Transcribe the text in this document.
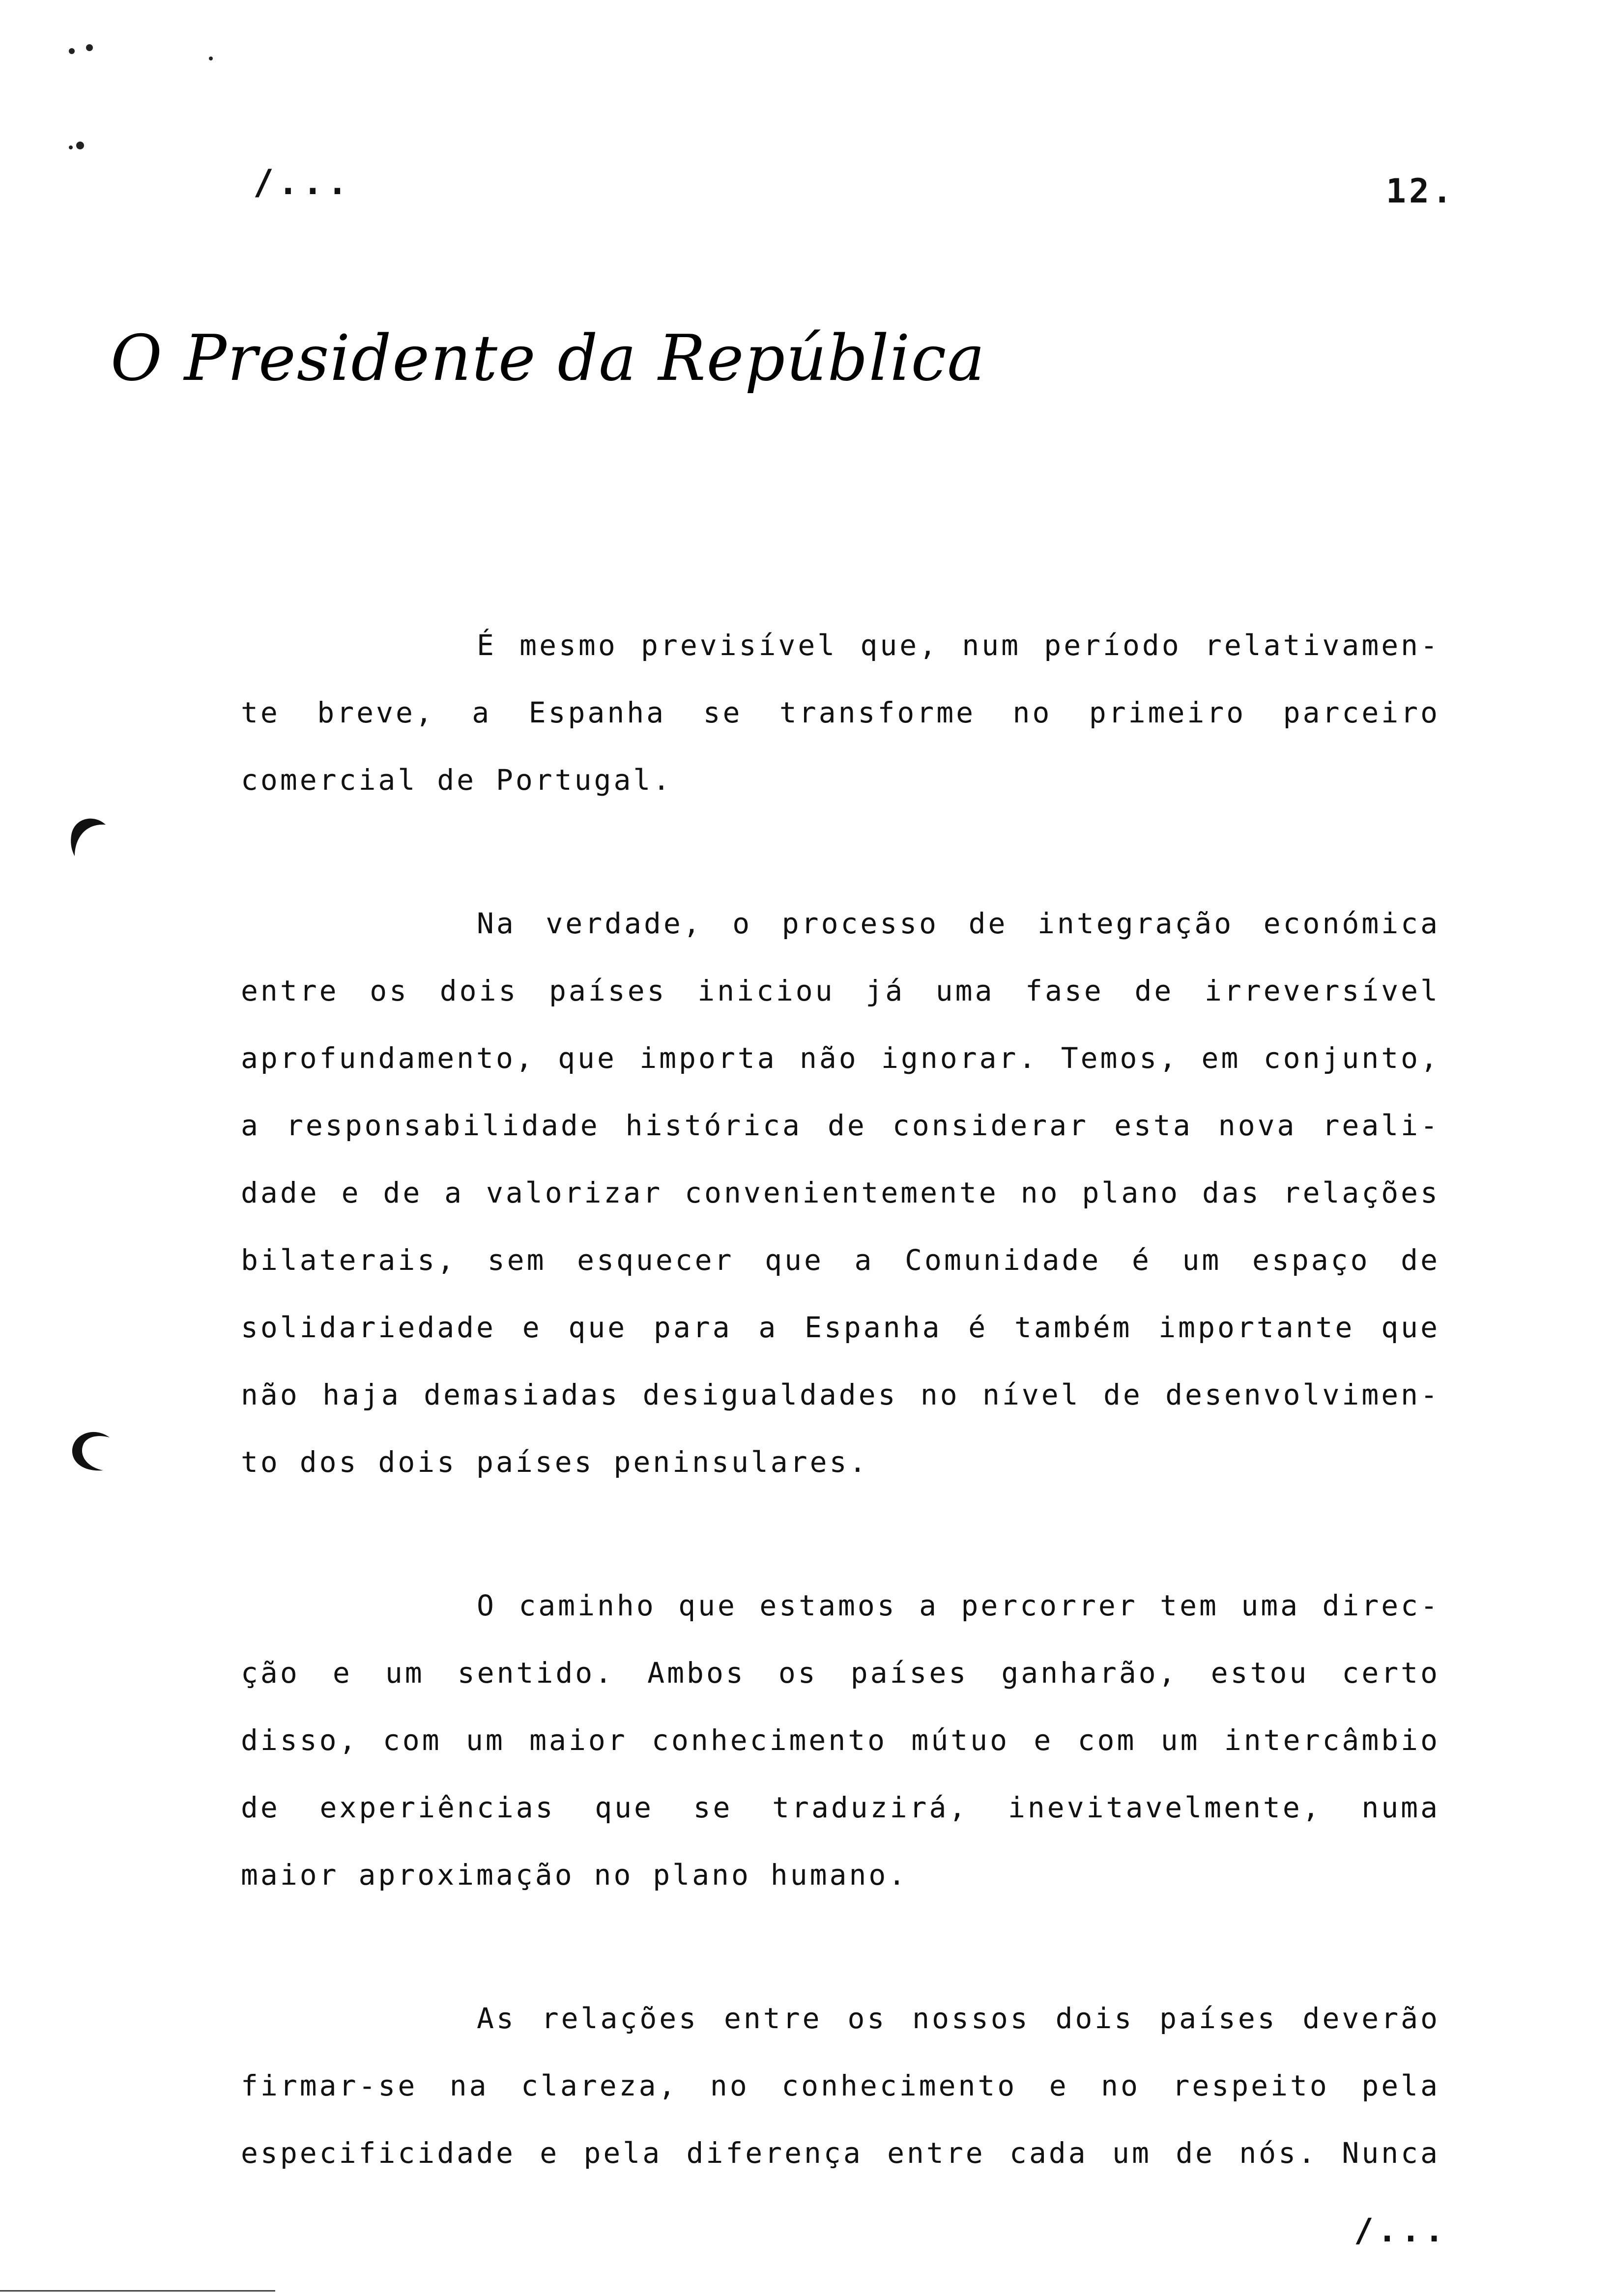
/...	12.
O Presidente da República
É mesmo previsível que, num período relativamen-
te breve, a Espanha se transforme no primeiro parceiro
comercial de Portugal.
Na verdade, o processo de integração económica
entre os dois países iniciou já uma fase de irreversível
aprofundamento, que importa não ignorar. Temos, em conjunto,
a responsabilidade histórica de considerar esta nova reali-
dade e de a valorizar convenientemente no plano das relações
bilaterais, sem esquecer que a Comunidade é um espaço de
solidariedade e que para a Espanha é também importante que
não haja demasiadas desigualdades no nível de desenvolvimen-
to dos dois países peninsulares.
O caminho que estamos a percorrer tem uma direc-
ção e um sentido. Ambos os países ganharão, estou certo
disso, com um maior conhecimento mútuo e com um intercâmbio
de experiências que se traduzirá, inevitavelmente, numa
maior aproximação no plano humano.
As relações entre os nossos dois países deverão
firmar-se na clareza, no conhecimento e no respeito pela
especificidade e pela diferença entre cada um de nós. Nunca
/...
